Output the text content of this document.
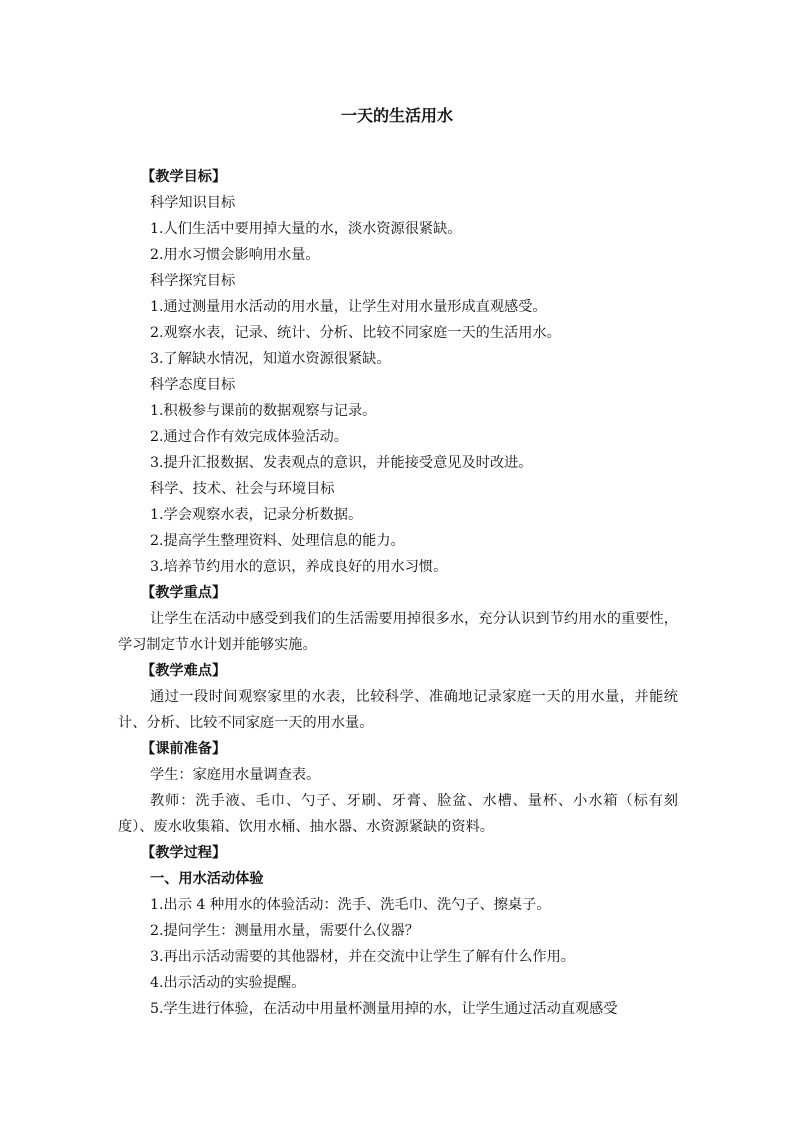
一天的生活用水

【教学目标】

科学知识目标

1.人们生活中要用掉大量的水，淡水资源很紧缺。

2.用水习惯会影响用水量。

科学探究目标

1.通过测量用水活动的用水量，让学生对用水量形成直观感受。

2.观察水表，记录、统计、分析、比较不同家庭一天的生活用水。

3.了解缺水情况，知道水资源很紧缺。

科学态度目标

1.积极参与课前的数据观察与记录。

2.通过合作有效完成体验活动。

3.提升汇报数据、发表观点的意识，并能接受意见及时改进。

科学、技术、社会与环境目标

1.学会观察水表，记录分析数据。

2.提高学生整理资料、处理信息的能力。

3.培养节约用水的意识，养成良好的用水习惯。

【教学重点】

让学生在活动中感受到我们的生活需要用掉很多水，充分认识到节约用水的重要性，学习制定节水计划并能够实施。

【教学难点】

通过一段时间观察家里的水表，比较科学、准确地记录家庭一天的用水量，并能统计、分析、比较不同家庭一天的用水量。

【课前准备】

学生：家庭用水量调查表。

教师：洗手液、毛巾、勺子、牙刷、牙膏、脸盆、水槽、量杯、小水箱（标有刻度）、废水收集箱、饮用水桶、抽水器、水资源紧缺的资料。

【教学过程】

一、用水活动体验

1.出示 4 种用水的体验活动：洗手、洗毛巾、洗勺子、擦桌子。

2.提问学生：测量用水量，需要什么仪器？

3.再出示活动需要的其他器材，并在交流中让学生了解有什么作用。

4.出示活动的实验提醒。

5.学生进行体验，在活动中用量杯测量用掉的水，让学生通过活动直观感受
